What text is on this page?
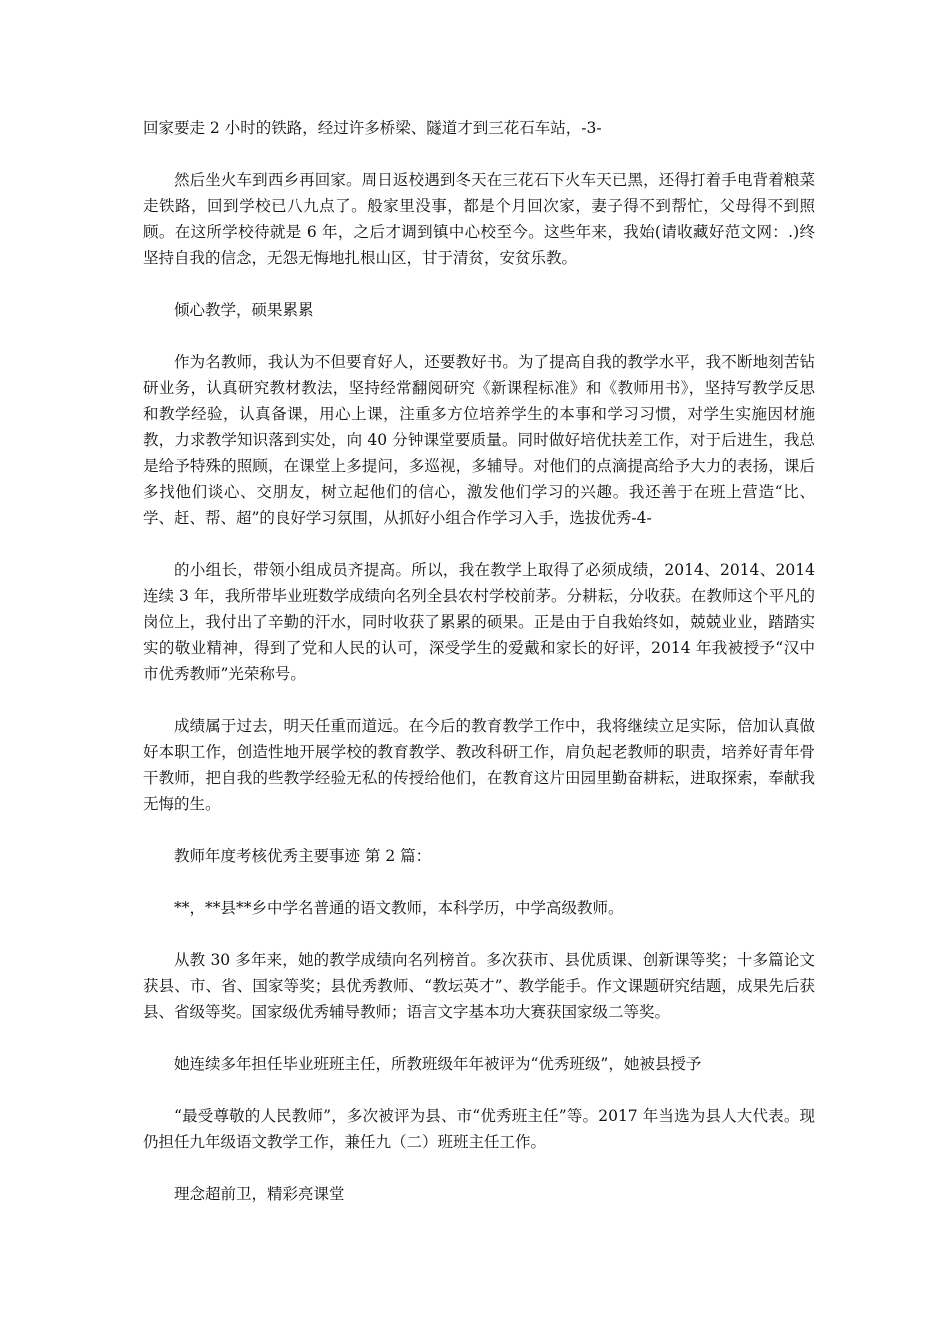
回家要走 2 小时的铁路，经过许多桥梁、隧道才到三花石车站，-3-

然后坐火车到西乡再回家。周日返校遇到冬天在三花石下火车天已黑，还得打着手电背着粮菜走铁路，回到学校已八九点了。般家里没事，都是个月回次家，妻子得不到帮忙，父母得不到照顾。在这所学校待就是 6 年，之后才调到镇中心校至今。这些年来，我始(请收藏好范文网：.)终坚持自我的信念，无怨无悔地扎根山区，甘于清贫，安贫乐教。

倾心教学，硕果累累

作为名教师，我认为不但要育好人，还要教好书。为了提高自我的教学水平，我不断地刻苦钻研业务，认真研究教材教法，坚持经常翻阅研究《新课程标准》和《教师用书》，坚持写教学反思和教学经验，认真备课，用心上课，注重多方位培养学生的本事和学习习惯，对学生实施因材施教，力求教学知识落到实处，向 40 分钟课堂要质量。同时做好培优扶差工作，对于后进生，我总是给予特殊的照顾，在课堂上多提问，多巡视，多辅导。对他们的点滴提高给予大力的表扬，课后多找他们谈心、交朋友，树立起他们的信心，激发他们学习的兴趣。我还善于在班上营造“比、学、赶、帮、超”的良好学习氛围，从抓好小组合作学习入手，选拔优秀-4-

的小组长，带领小组成员齐提高。所以，我在教学上取得了必须成绩，2014、2014、2014 连续 3 年，我所带毕业班数学成绩向名列全县农村学校前茅。分耕耘，分收获。在教师这个平凡的岗位上，我付出了辛勤的汗水，同时收获了累累的硕果。正是由于自我始终如，兢兢业业，踏踏实实的敬业精神，得到了党和人民的认可，深受学生的爱戴和家长的好评，2014 年我被授予“汉中市优秀教师”光荣称号。

成绩属于过去，明天任重而道远。在今后的教育教学工作中，我将继续立足实际，倍加认真做好本职工作，创造性地开展学校的教育教学、教改科研工作，肩负起老教师的职责，培养好青年骨干教师，把自我的些教学经验无私的传授给他们，在教育这片田园里勤奋耕耘，进取探索，奉献我无悔的生。

教师年度考核优秀主要事迹 第 2 篇：

**，**县**乡中学名普通的语文教师，本科学历，中学高级教师。

从教 30 多年来，她的教学成绩向名列榜首。多次获市、县优质课、创新课等奖；十多篇论文获县、市、省、国家等奖；县优秀教师、“教坛英才”、教学能手。作文课题研究结题，成果先后获县、省级等奖。国家级优秀辅导教师；语言文字基本功大赛获国家级二等奖。

她连续多年担任毕业班班主任，所教班级年年被评为“优秀班级”，她被县授予

“最受尊敬的人民教师”，多次被评为县、市“优秀班主任”等。2017 年当选为县人大代表。现仍担任九年级语文教学工作，兼任九（二）班班主任工作。

理念超前卫，精彩亮课堂
